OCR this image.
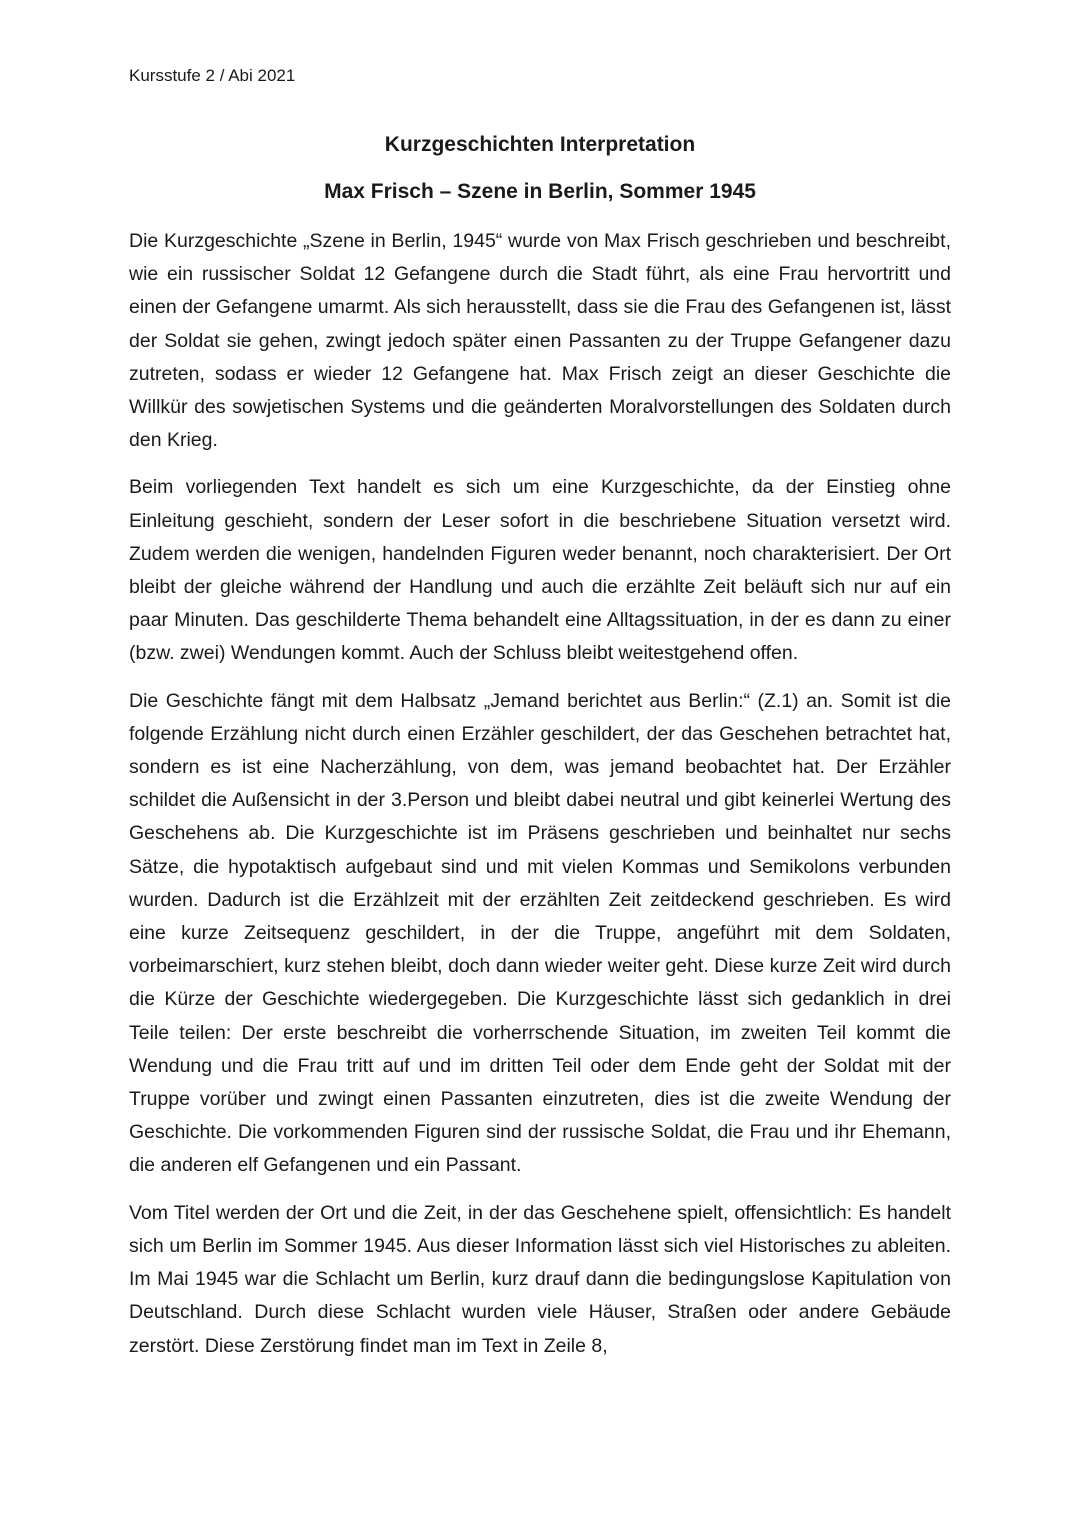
Kursstufe 2 / Abi 2021

Kurzgeschichten Interpretation
Max Frisch – Szene in Berlin, Sommer 1945

Die Kurzgeschichte „Szene in Berlin, 1945“ wurde von Max Frisch geschrieben und beschreibt, wie ein russischer Soldat 12 Gefangene durch die Stadt führt, als eine Frau hervortritt und einen der Gefangene umarmt. Als sich herausstellt, dass sie die Frau des Gefangenen ist, lässt der Soldat sie gehen, zwingt jedoch später einen Passanten zu der Truppe Gefangener dazu zutreten, sodass er wieder 12 Gefangene hat. Max Frisch zeigt an dieser Geschichte die Willkür des sowjetischen Systems und die geänderten Moralvorstellungen des Soldaten durch den Krieg.

Beim vorliegenden Text handelt es sich um eine Kurzgeschichte, da der Einstieg ohne Einleitung geschieht, sondern der Leser sofort in die beschriebene Situation versetzt wird. Zudem werden die wenigen, handelnden Figuren weder benannt, noch charakterisiert. Der Ort bleibt der gleiche während der Handlung und auch die erzählte Zeit beläuft sich nur auf ein paar Minuten. Das geschilderte Thema behandelt eine Alltagssituation, in der es dann zu einer (bzw. zwei) Wendungen kommt. Auch der Schluss bleibt weitestgehend offen.

Die Geschichte fängt mit dem Halbsatz „Jemand berichtet aus Berlin:“ (Z.1) an. Somit ist die folgende Erzählung nicht durch einen Erzähler geschildert, der das Geschehen betrachtet hat, sondern es ist eine Nacherzählung, von dem, was jemand beobachtet hat. Der Erzähler schildet die Außensicht in der 3.Person und bleibt dabei neutral und gibt keinerlei Wertung des Geschehens ab. Die Kurzgeschichte ist im Präsens geschrieben und beinhaltet nur sechs Sätze, die hypotaktisch aufgebaut sind und mit vielen Kommas und Semikolons verbunden wurden. Dadurch ist die Erzählzeit mit der erzählten Zeit zeitdeckend geschrieben. Es wird eine kurze Zeitsequenz geschildert, in der die Truppe, angeführt mit dem Soldaten, vorbeimarschiert, kurz stehen bleibt, doch dann wieder weiter geht. Diese kurze Zeit wird durch die Kürze der Geschichte wiedergegeben. Die Kurzgeschichte lässt sich gedanklich in drei Teile teilen: Der erste beschreibt die vorherrschende Situation, im zweiten Teil kommt die Wendung und die Frau tritt auf und im dritten Teil oder dem Ende geht der Soldat mit der Truppe vorüber und zwingt einen Passanten einzutreten, dies ist die zweite Wendung der Geschichte. Die vorkommenden Figuren sind der russische Soldat, die Frau und ihr Ehemann, die anderen elf Gefangenen und ein Passant.

Vom Titel werden der Ort und die Zeit, in der das Geschehene spielt, offensichtlich: Es handelt sich um Berlin im Sommer 1945. Aus dieser Information lässt sich viel Historisches zu ableiten. Im Mai 1945 war die Schlacht um Berlin, kurz drauf dann die bedingungslose Kapitulation von Deutschland. Durch diese Schlacht wurden viele Häuser, Straßen oder andere Gebäude zerstört. Diese Zerstörung findet man im Text in Zeile 8,
